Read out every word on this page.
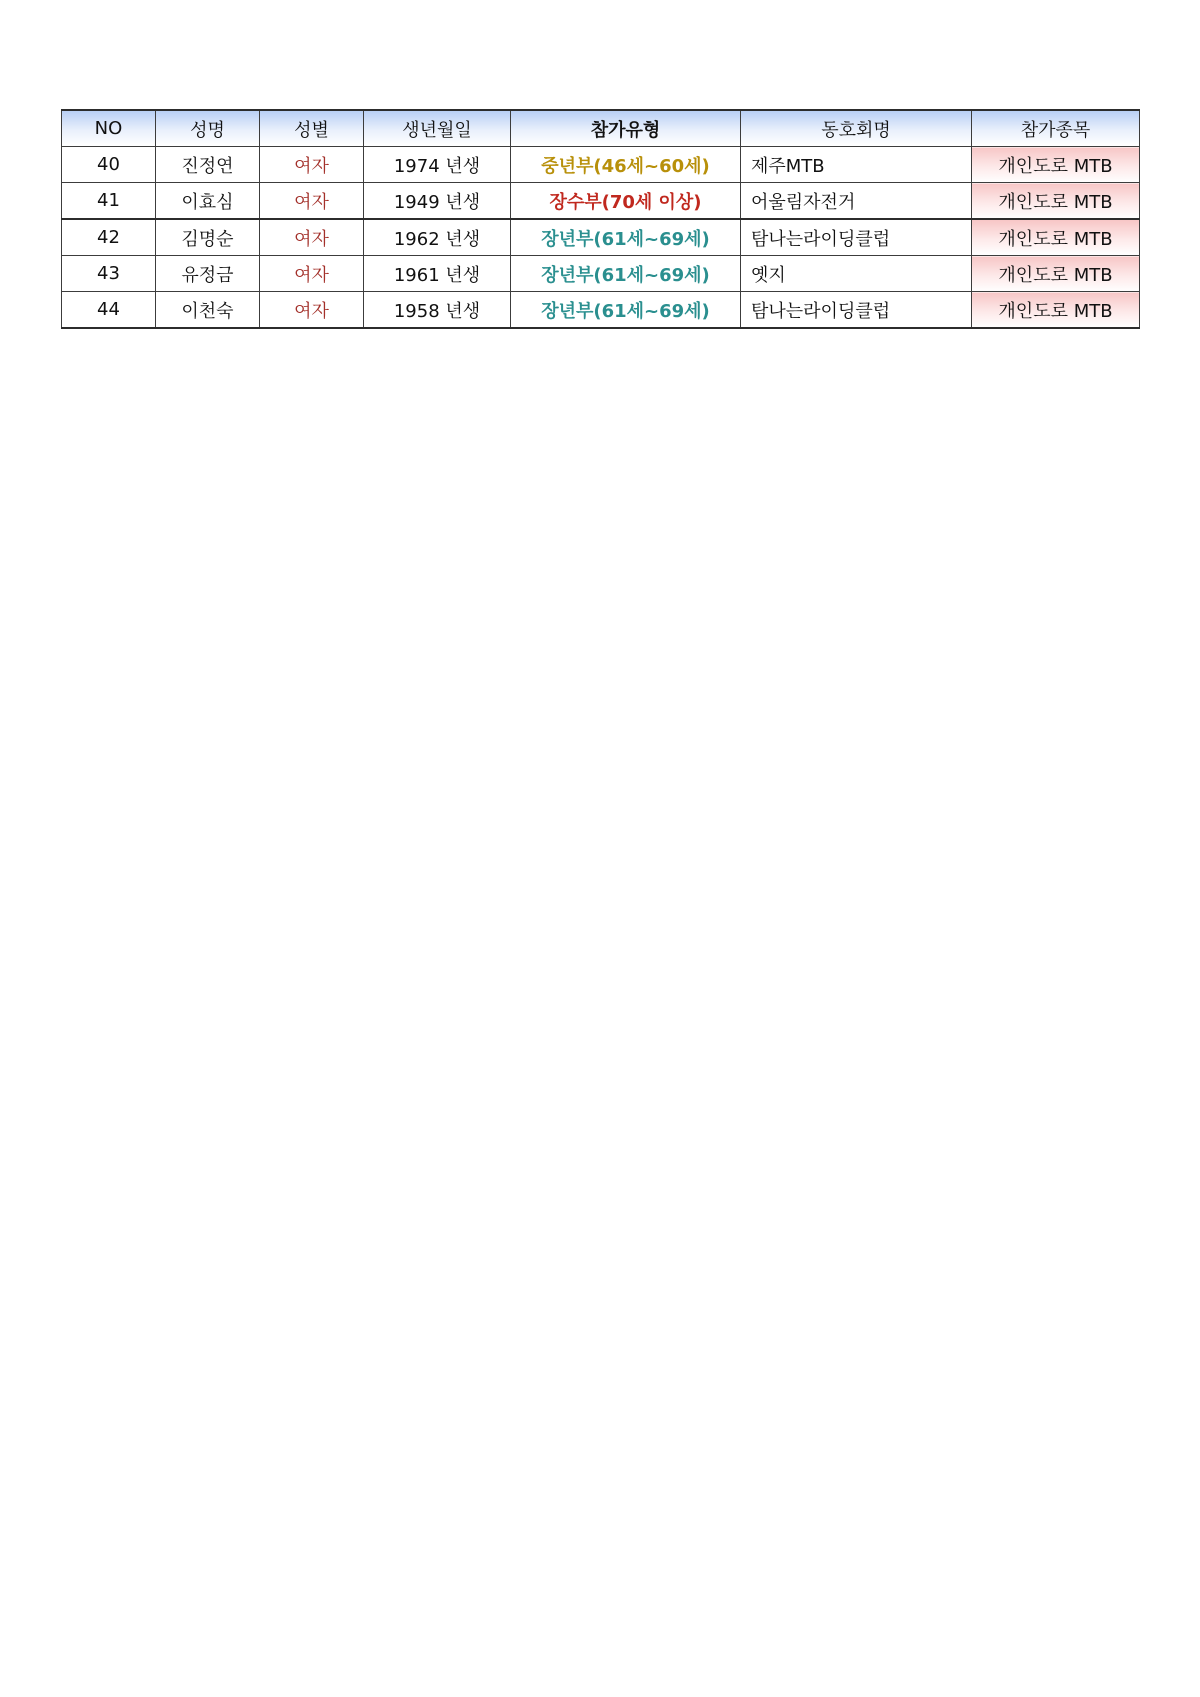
NO	성명	성별	생년월일	참가유형	동호회명	참가종목
40	진정연	여자	1974 년생	중년부(46세~60세)	제주MTB	개인도로 MTB
41	이효심	여자	1949 년생	장수부(70세 이상)	어울림자전거	개인도로 MTB
42	김명순	여자	1962 년생	장년부(61세~69세)	탐나는라이딩클럽	개인도로 MTB
43	유정금	여자	1961 년생	장년부(61세~69세)	옛지	개인도로 MTB
44	이천숙	여자	1958 년생	장년부(61세~69세)	탐나는라이딩클럽	개인도로 MTB
